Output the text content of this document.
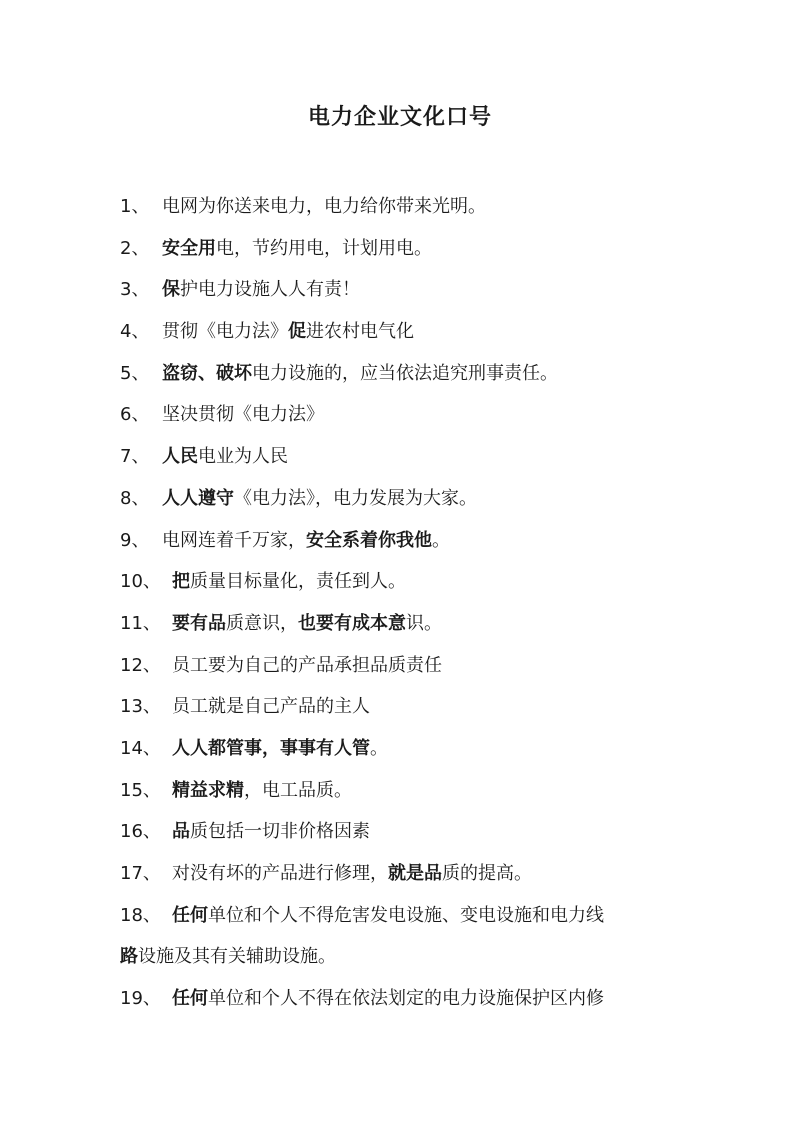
电力企业文化口号
1、 电网为你送来电力，电力给你带来光明。
2、 安全用电，节约用电，计划用电。
3、 保护电力设施人人有责！
4、 贯彻《电力法》促进农村电气化
5、 盗窃、破坏电力设施的，应当依法追究刑事责任。
6、 坚决贯彻《电力法》
7、 人民电业为人民
8、 人人遵守《电力法》，电力发展为大家。
9、 电网连着千万家，安全系着你我他。
10、 把质量目标量化，责任到人。
11、 要有品质意识，也要有成本意识。
12、 员工要为自己的产品承担品质责任
13、 员工就是自己产品的主人
14、 人人都管事，事事有人管。
15、 精益求精，电工品质。
16、 品质包括一切非价格因素
17、 对没有坏的产品进行修理，就是品质的提高。
18、 任何单位和个人不得危害发电设施、变电设施和电力线
路设施及其有关辅助设施。
19、 任何单位和个人不得在依法划定的电力设施保护区内修
